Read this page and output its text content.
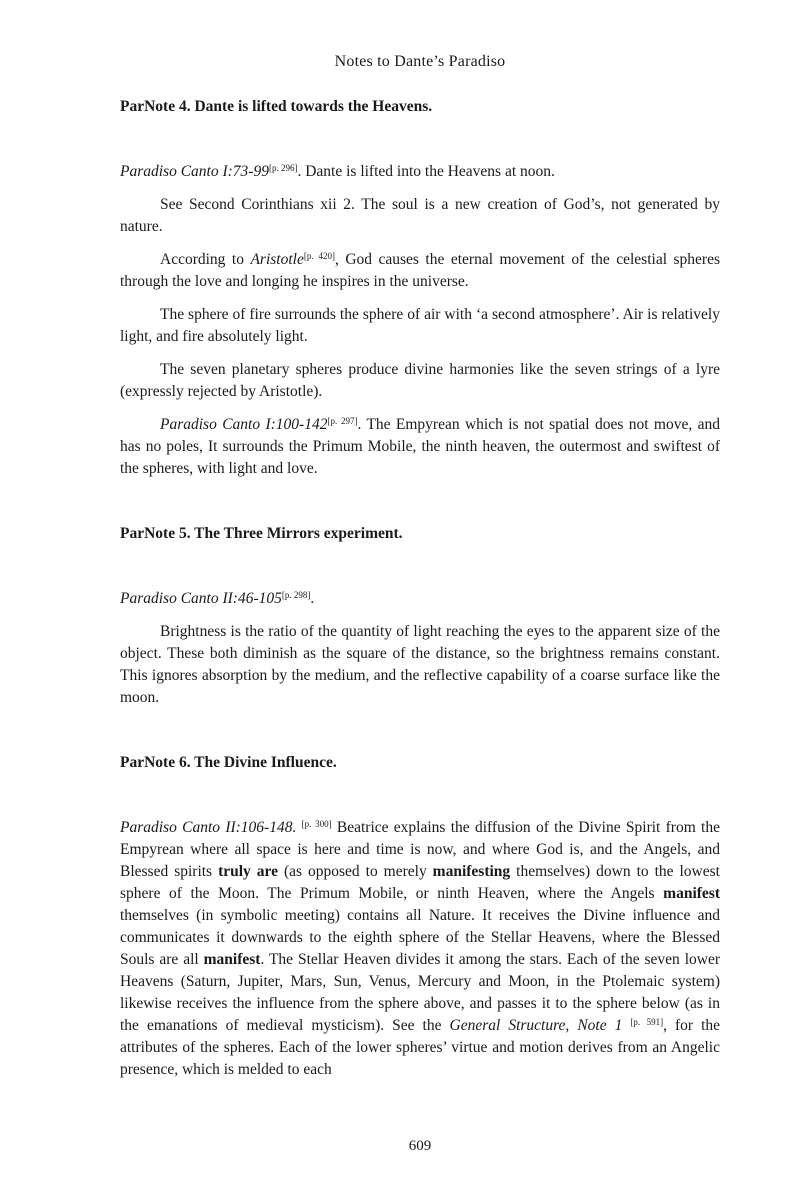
Notes to Dante’s Paradiso
ParNote 4. Dante is lifted towards the Heavens.

Paradiso Canto I:73-99[p. 296]. Dante is lifted into the Heavens at noon.

See Second Corinthians xii 2. The soul is a new creation of God’s, not generated by nature.

According to Aristotle[p. 420], God causes the eternal movement of the celestial spheres through the love and longing he inspires in the universe.

The sphere of fire surrounds the sphere of air with ‘a second atmosphere’. Air is relatively light, and fire absolutely light.

The seven planetary spheres produce divine harmonies like the seven strings of a lyre (expressly rejected by Aristotle).

Paradiso Canto I:100-142[p. 297]. The Empyrean which is not spatial does not move, and has no poles, It surrounds the Primum Mobile, the ninth heaven, the outermost and swiftest of the spheres, with light and love.

ParNote 5. The Three Mirrors experiment.

Paradiso Canto II:46-105[p. 298].

Brightness is the ratio of the quantity of light reaching the eyes to the apparent size of the object. These both diminish as the square of the distance, so the brightness remains constant. This ignores absorption by the medium, and the reflective capability of a coarse surface like the moon.

ParNote 6. The Divine Influence.

Paradiso Canto II:106-148. [p. 300] Beatrice explains the diffusion of the Divine Spirit from the Empyrean where all space is here and time is now, and where God is, and the Angels, and Blessed spirits truly are (as opposed to merely manifesting themselves) down to the lowest sphere of the Moon. The Primum Mobile, or ninth Heaven, where the Angels manifest themselves (in symbolic meeting) contains all Nature. It receives the Divine influence and communicates it downwards to the eighth sphere of the Stellar Heavens, where the Blessed Souls are all manifest. The Stellar Heaven divides it among the stars. Each of the seven lower Heavens (Saturn, Jupiter, Mars, Sun, Venus, Mercury and Moon, in the Ptolemaic system) likewise receives the influence from the sphere above, and passes it to the sphere below (as in the emanations of medieval mysticism). See the General Structure, Note 1 [p. 591], for the attributes of the spheres. Each of the lower spheres’ virtue and motion derives from an Angelic presence, which is melded to each

609
